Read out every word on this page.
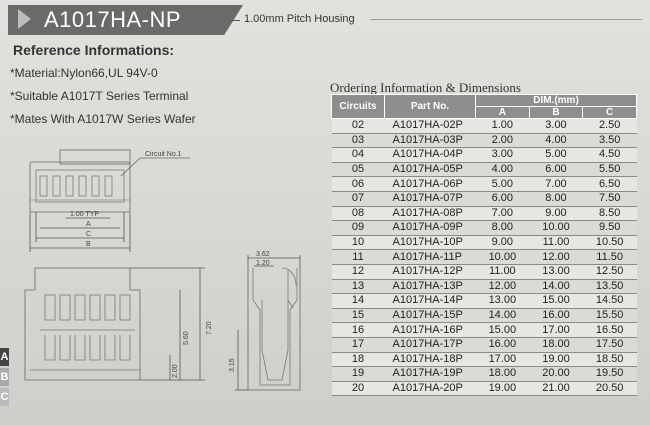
A1017HA-NP	1.00mm Pitch Housing
Reference Informations:
*Material:Nylon66,UL 94V-0
*Suitable A1017T Series Terminal
*Mates With A1017W Series Wafer
Circuit No.1
1.00 TYP
A
C
B
7.20
5.60
2.00
3.62
1.20
3.15
A
B
C
Ordering Information & Dimensions
Circuits	Part No.	DIM.(mm)		
		A	B	C
02	A1017HA-02P	1.00	3.00	2.50
03	A1017HA-03P	2.00	4.00	3.50
04	A1017HA-04P	3.00	5.00	4.50
05	A1017HA-05P	4.00	6.00	5.50
06	A1017HA-06P	5.00	7.00	6.50
07	A1017HA-07P	6.00	8.00	7.50
08	A1017HA-08P	7.00	9.00	8.50
09	A1017HA-09P	8.00	10.00	9.50
10	A1017HA-10P	9.00	11.00	10.50
11	A1017HA-11P	10.00	12.00	11.50
12	A1017HA-12P	11.00	13.00	12.50
13	A1017HA-13P	12.00	14.00	13.50
14	A1017HA-14P	13.00	15.00	14.50
15	A1017HA-15P	14.00	16.00	15.50
16	A1017HA-16P	15.00	17.00	16.50
17	A1017HA-17P	16.00	18.00	17.50
18	A1017HA-18P	17.00	19.00	18.50
19	A1017HA-19P	18.00	20.00	19.50
20	A1017HA-20P	19.00	21.00	20.50
